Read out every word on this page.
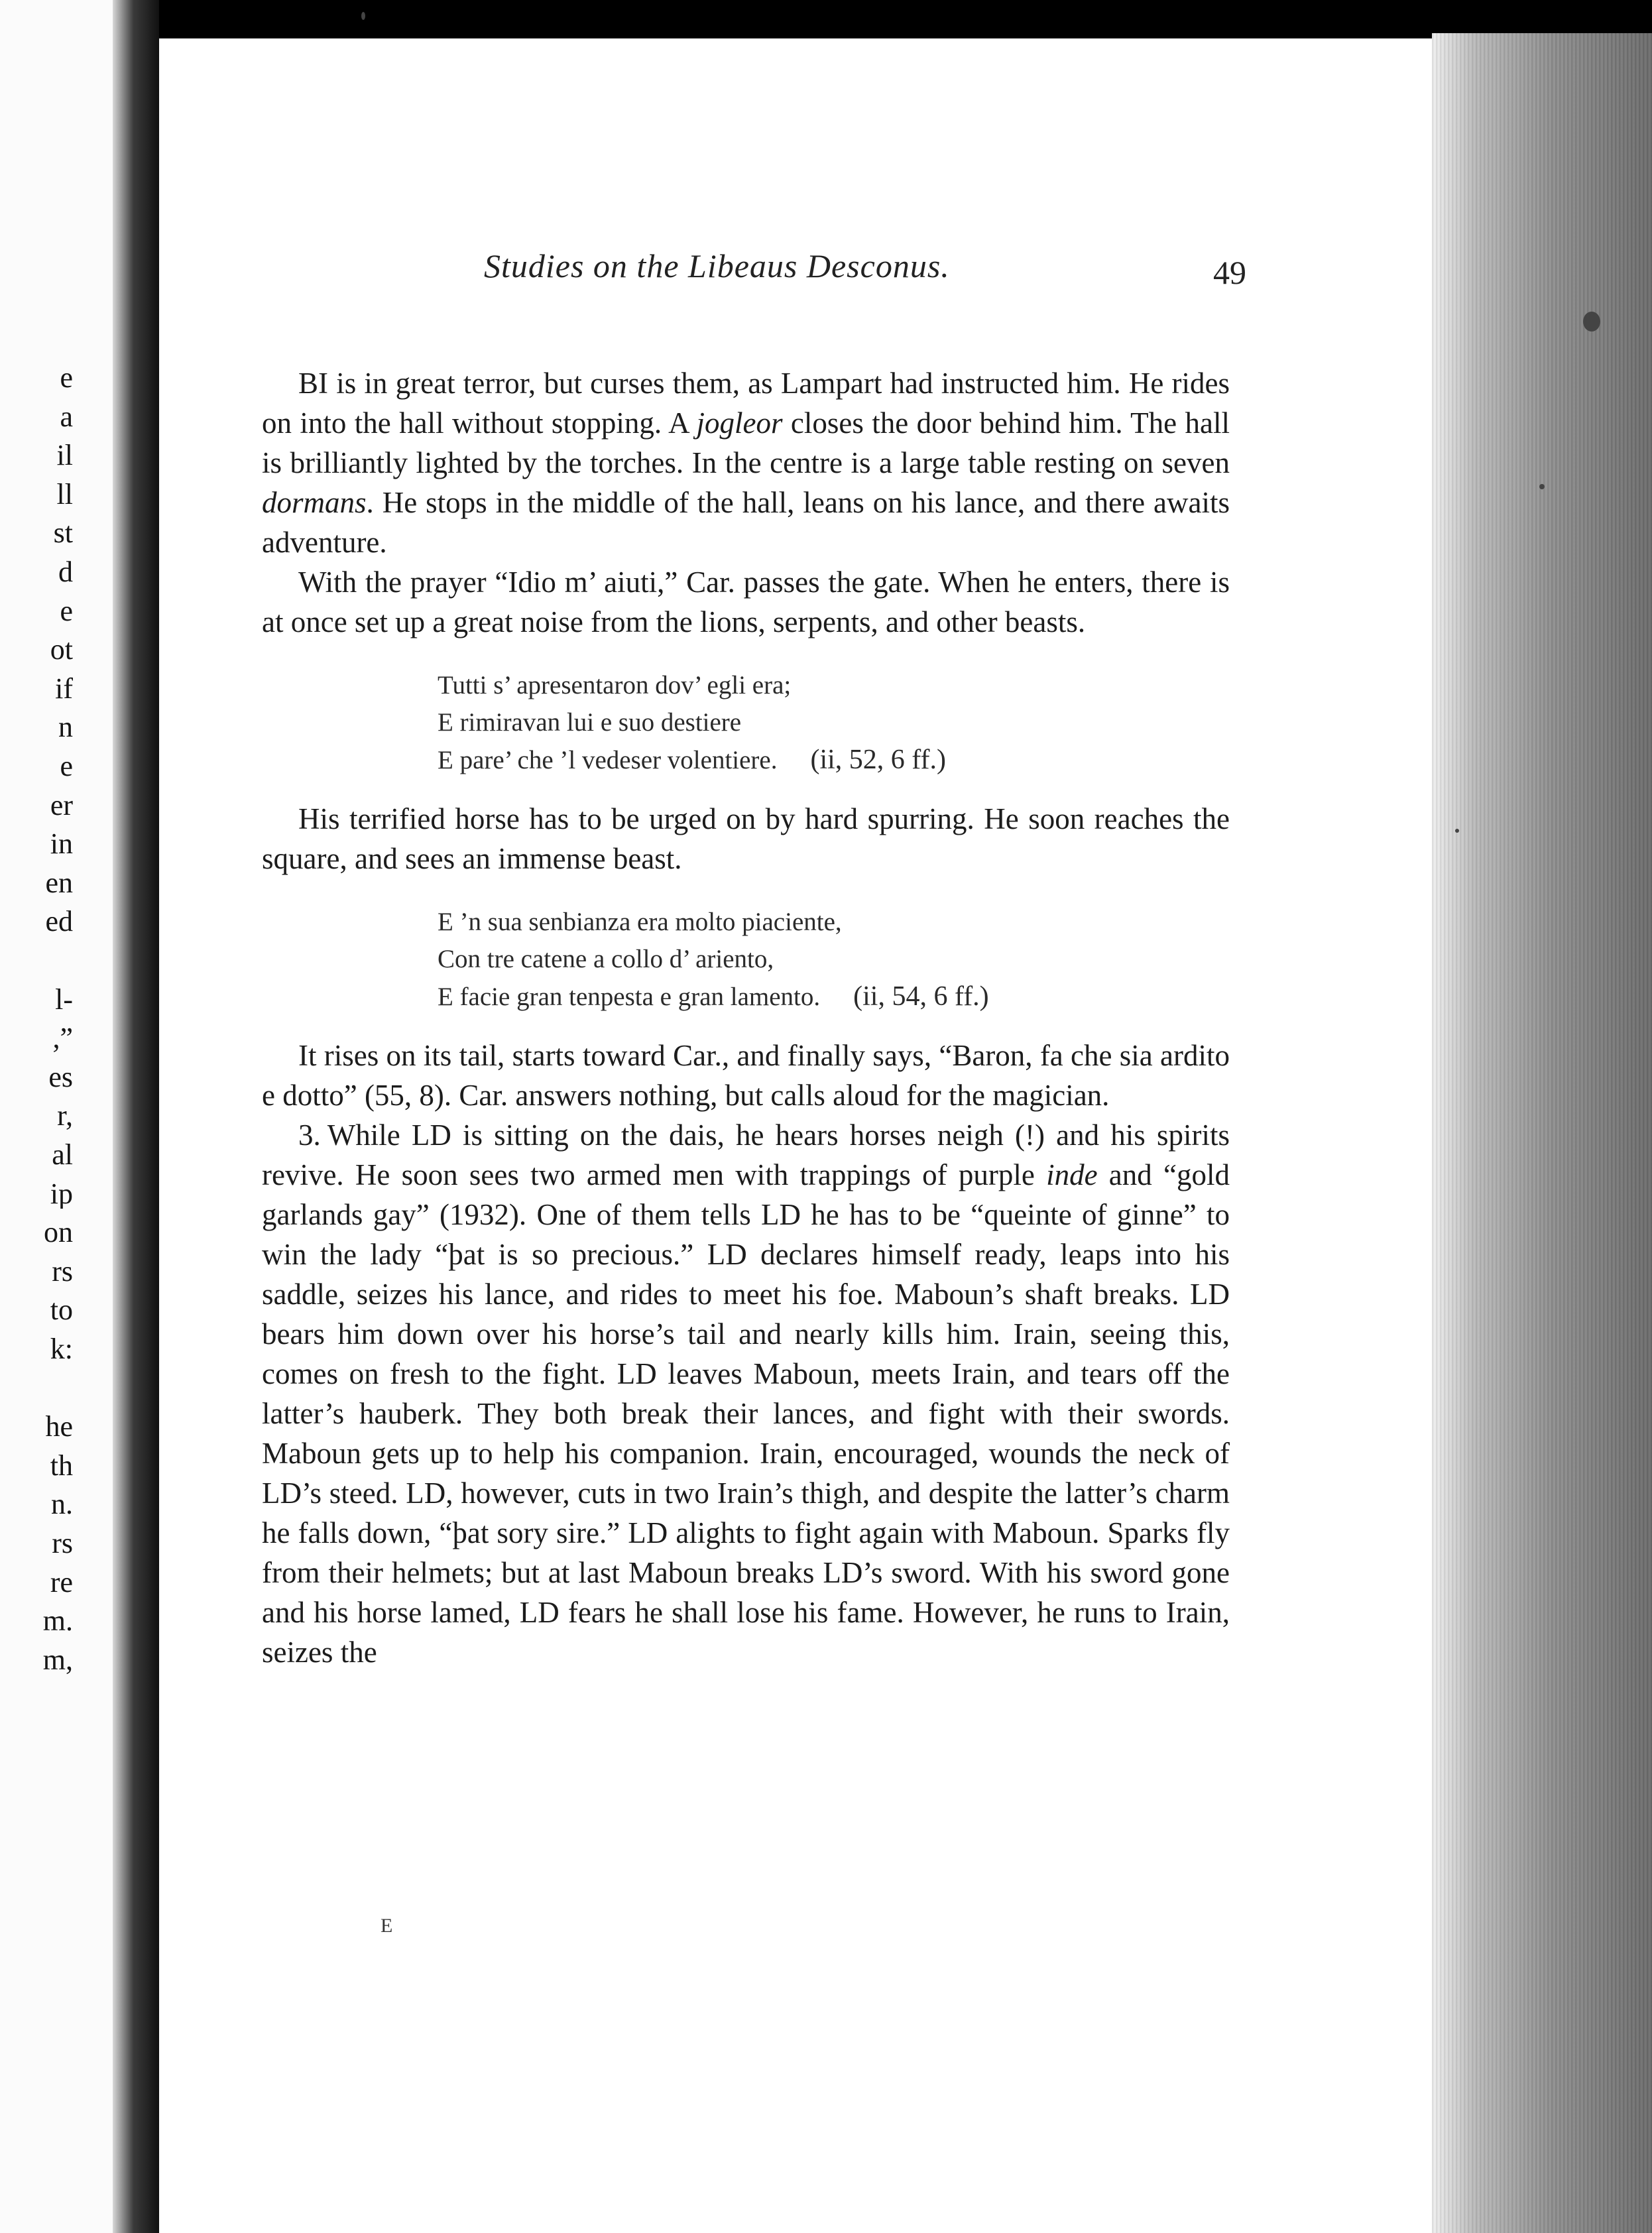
e
a
il
ll
st
d
e
ot
if
n
e
er
in
en
ed
l-
,”
es
r,
al
ip
on
rs
to
k:
he
th
n.
rs
re
m.
m,
Studies on the Libeaus Desconus.	49

BI is in great terror, but curses them, as Lampart had instructed him. He rides on into the hall without stopping. A jogleor closes the door behind him. The hall is brilliantly lighted by the torches. In the centre is a large table resting on seven dormans. He stops in the middle of the hall, leans on his lance, and there awaits adventure.

With the prayer “Idio m’ aiuti,” Car. passes the gate. When he enters, there is at once set up a great noise from the lions, serpents, and other beasts.

Tutti s’ apresentaron dov’ egli era;
E rimiravan lui e suo destiere
E pare’ che ’l vedeser volentiere. (ii, 52, 6 ff.)

His terrified horse has to be urged on by hard spurring. He soon reaches the square, and sees an immense beast.

E ’n sua senbianza era molto piaciente,
Con tre catene a collo d’ ariento,
E facie gran tenpesta e gran lamento. (ii, 54, 6 ff.)

It rises on its tail, starts toward Car., and finally says, “Baron, fa che sia ardito e dotto” (55, 8). Car. answers nothing, but calls aloud for the magician.

3. While LD is sitting on the dais, he hears horses neigh (!) and his spirits revive. He soon sees two armed men with trappings of purple inde and “gold garlands gay” (1932). One of them tells LD he has to be “queinte of ginne” to win the lady “þat is so precious.” LD declares himself ready, leaps into his saddle, seizes his lance, and rides to meet his foe. Maboun’s shaft breaks. LD bears him down over his horse’s tail and nearly kills him. Irain, seeing this, comes on fresh to the fight. LD leaves Maboun, meets Irain, and tears off the latter’s hauberk. They both break their lances, and fight with their swords. Maboun gets up to help his companion. Irain, encouraged, wounds the neck of LD’s steed. LD, however, cuts in two Irain’s thigh, and despite the latter’s charm he falls down, “þat sory sire.” LD alights to fight again with Maboun. Sparks fly from their helmets; but at last Maboun breaks LD’s sword. With his sword gone and his horse lamed, LD fears he shall lose his fame. However, he runs to Irain, seizes the

E
